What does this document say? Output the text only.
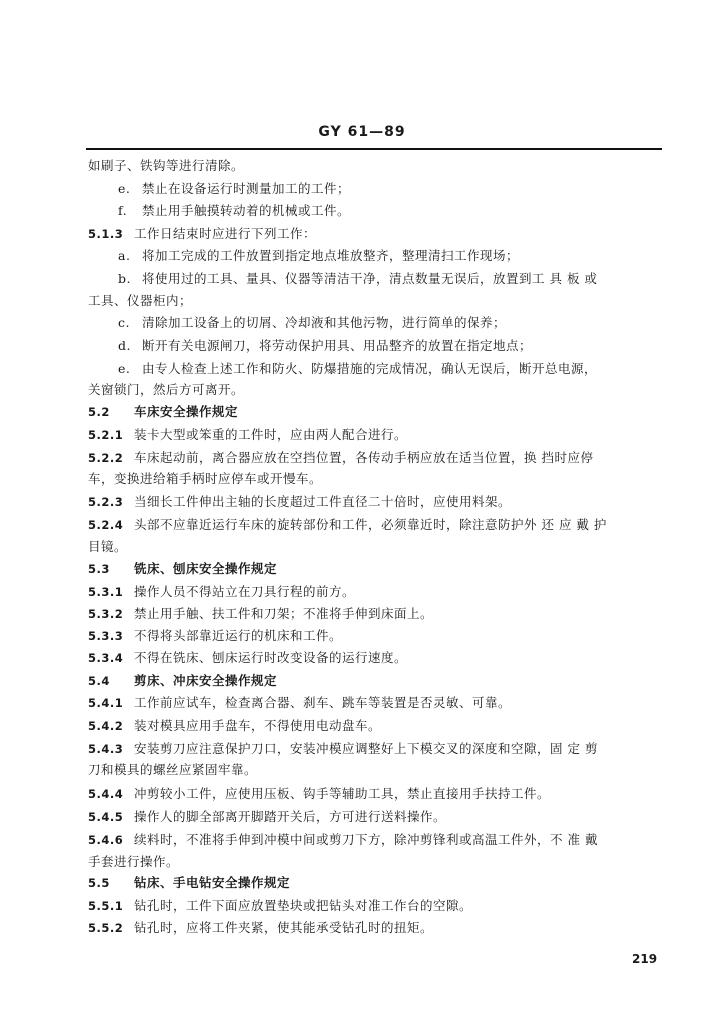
GY 61—89
如刷子、铁钩等进行清除。
e. 禁止在设备运行时测量加工的工件；
f. 禁止用手触摸转动着的机械或工件。
5.1.3 工作日结束时应进行下列工作：
a. 将加工完成的工件放置到指定地点堆放整齐，整理清扫工作现场；
b. 将使用过的工具、量具、仪器等清洁干净，清点数量无误后，放置到工 具 板 或
工具、仪器柜内；
c. 清除加工设备上的切屑、冷却液和其他污物，进行简单的保养；
d. 断开有关电源闸刀，将劳动保护用具、用品整齐的放置在指定地点；
e. 由专人检查上述工作和防火、防爆措施的完成情况，确认无误后，断开总电源，
关窗锁门，然后方可离开。
5.2 车床安全操作规定
5.2.1 装卡大型或笨重的工件时，应由两人配合进行。
5.2.2 车床起动前，离合器应放在空挡位置，各传动手柄应放在适当位置，换 挡时应停
车，变换进给箱手柄时应停车或开慢车。
5.2.3 当细长工件伸出主轴的长度超过工件直径二十倍时，应使用料架。
5.2.4 头部不应靠近运行车床的旋转部份和工件，必须靠近时，除注意防护外 还 应 戴 护
目镜。
5.3 铣床、刨床安全操作规定
5.3.1 操作人员不得站立在刀具行程的前方。
5.3.2 禁止用手触、扶工件和刀架；不准将手伸到床面上。
5.3.3 不得将头部靠近运行的机床和工件。
5.3.4 不得在铣床、刨床运行时改变设备的运行速度。
5.4 剪床、冲床安全操作规定
5.4.1 工作前应试车，检查离合器、刹车、跳车等装置是否灵敏、可靠。
5.4.2 装对模具应用手盘车，不得使用电动盘车。
5.4.3 安装剪刀应注意保护刀口，安装冲模应调整好上下模交叉的深度和空隙，固 定 剪
刀和模具的螺丝应紧固牢靠。
5.4.4 冲剪较小工件，应使用压板、钩手等辅助工具，禁止直接用手扶持工件。
5.4.5 操作人的脚全部离开脚踏开关后，方可进行送料操作。
5.4.6 续料时，不准将手伸到冲模中间或剪刀下方，除冲剪锋利或高温工件外，不 准 戴
手套进行操作。
5.5 钻床、手电钻安全操作规定
5.5.1 钻孔时，工件下面应放置垫块或把钻头对准工作台的空隙。
5.5.2 钻孔时，应将工件夹紧，使其能承受钻孔时的扭矩。
219
